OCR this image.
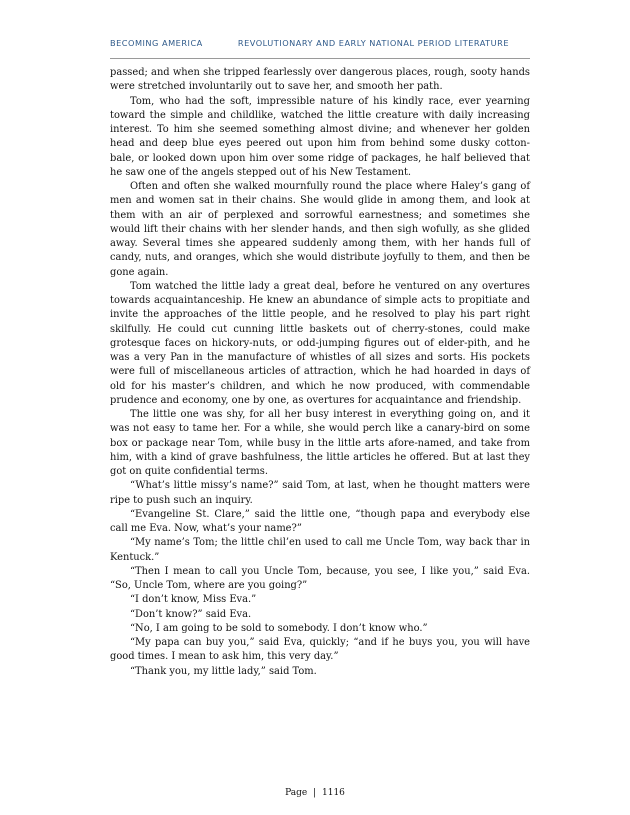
BECOMING AMERICA	REVOLUTIONARY AND EARLY NATIONAL PERIOD LITERATURE

passed; and when she tripped fearlessly over dangerous places, rough, sooty hands were stretched involuntarily out to save her, and smooth her path.

Tom, who had the soft, impressible nature of his kindly race, ever yearning toward the simple and childlike, watched the little creature with daily increasing interest. To him she seemed something almost divine; and whenever her golden head and deep blue eyes peered out upon him from behind some dusky cotton-bale, or looked down upon him over some ridge of packages, he half believed that he saw one of the angels stepped out of his New Testament.

Often and often she walked mournfully round the place where Haley’s gang of men and women sat in their chains. She would glide in among them, and look at them with an air of perplexed and sorrowful earnestness; and sometimes she would lift their chains with her slender hands, and then sigh wofully, as she glided away. Several times she appeared suddenly among them, with her hands full of candy, nuts, and oranges, which she would distribute joyfully to them, and then be gone again.

Tom watched the little lady a great deal, before he ventured on any overtures towards acquaintanceship. He knew an abundance of simple acts to propitiate and invite the approaches of the little people, and he resolved to play his part right skilfully. He could cut cunning little baskets out of cherry-stones, could make grotesque faces on hickory-nuts, or odd-jumping figures out of elder-pith, and he was a very Pan in the manufacture of whistles of all sizes and sorts. His pockets were full of miscellaneous articles of attraction, which he had hoarded in days of old for his master’s children, and which he now produced, with commendable prudence and economy, one by one, as overtures for acquaintance and friendship.

The little one was shy, for all her busy interest in everything going on, and it was not easy to tame her. For a while, she would perch like a canary-bird on some box or package near Tom, while busy in the little arts afore-named, and take from him, with a kind of grave bashfulness, the little articles he offered. But at last they got on quite confidential terms.

“What’s little missy’s name?” said Tom, at last, when he thought matters were ripe to push such an inquiry.

“Evangeline St. Clare,” said the little one, “though papa and everybody else call me Eva. Now, what’s your name?”

“My name’s Tom; the little chil’en used to call me Uncle Tom, way back thar in Kentuck.”

“Then I mean to call you Uncle Tom, because, you see, I like you,” said Eva. “So, Uncle Tom, where are you going?”

“I don’t know, Miss Eva.”

“Don’t know?” said Eva.

“No, I am going to be sold to somebody. I don’t know who.”

“My papa can buy you,” said Eva, quickly; “and if he buys you, you will have good times. I mean to ask him, this very day.”

“Thank you, my little lady,” said Tom.

Page | 1116
